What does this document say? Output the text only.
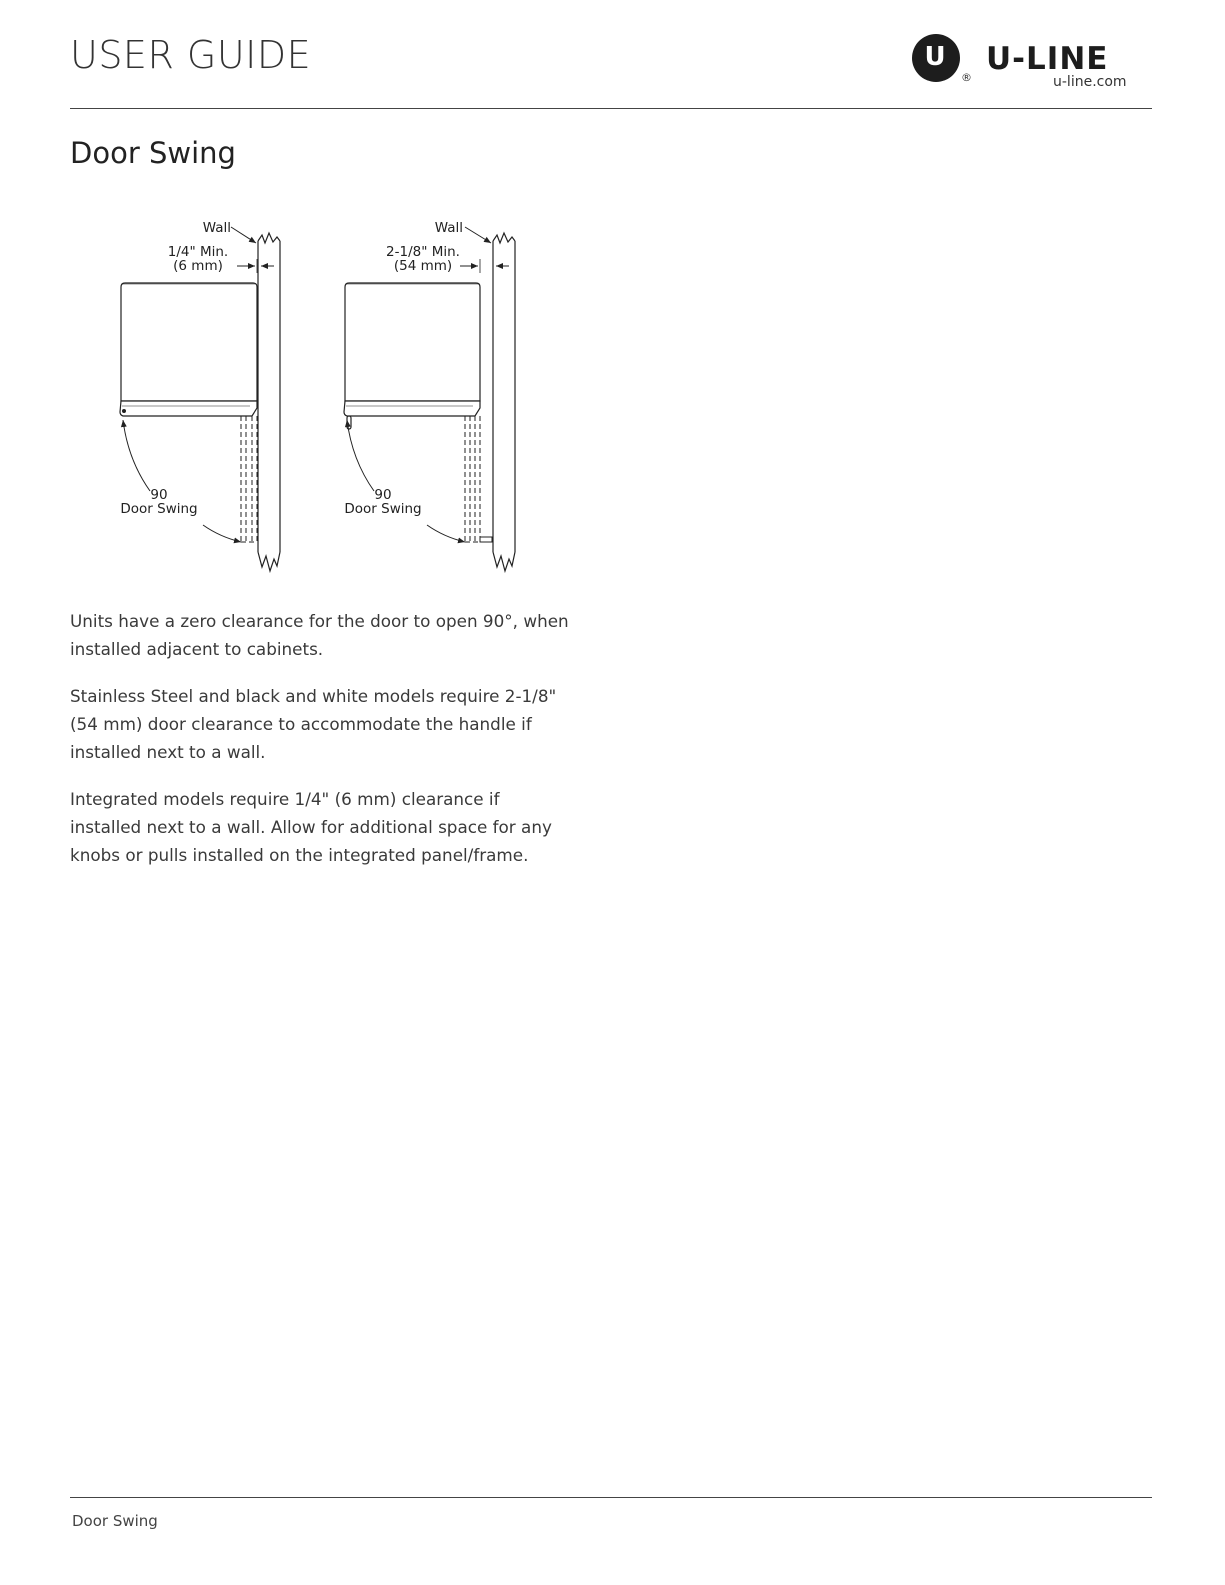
USER GUIDE	U
®
U-LINE
u-line.com
Door Swing
Wall
1/4" Min.
(6 mm)
90
Door Swing
Wall
2-1/8" Min.
(54 mm)
90
Door Swing

Units have a zero clearance for the door to open 90°, when installed adjacent to cabinets.

Stainless Steel and black and white models require 2-1/8" (54 mm) door clearance to accommodate the handle if installed next to a wall.

Integrated models require 1/4" (6 mm) clearance if installed next to a wall. Allow for additional space for any knobs or pulls installed on the integrated panel/frame.

Door Swing
